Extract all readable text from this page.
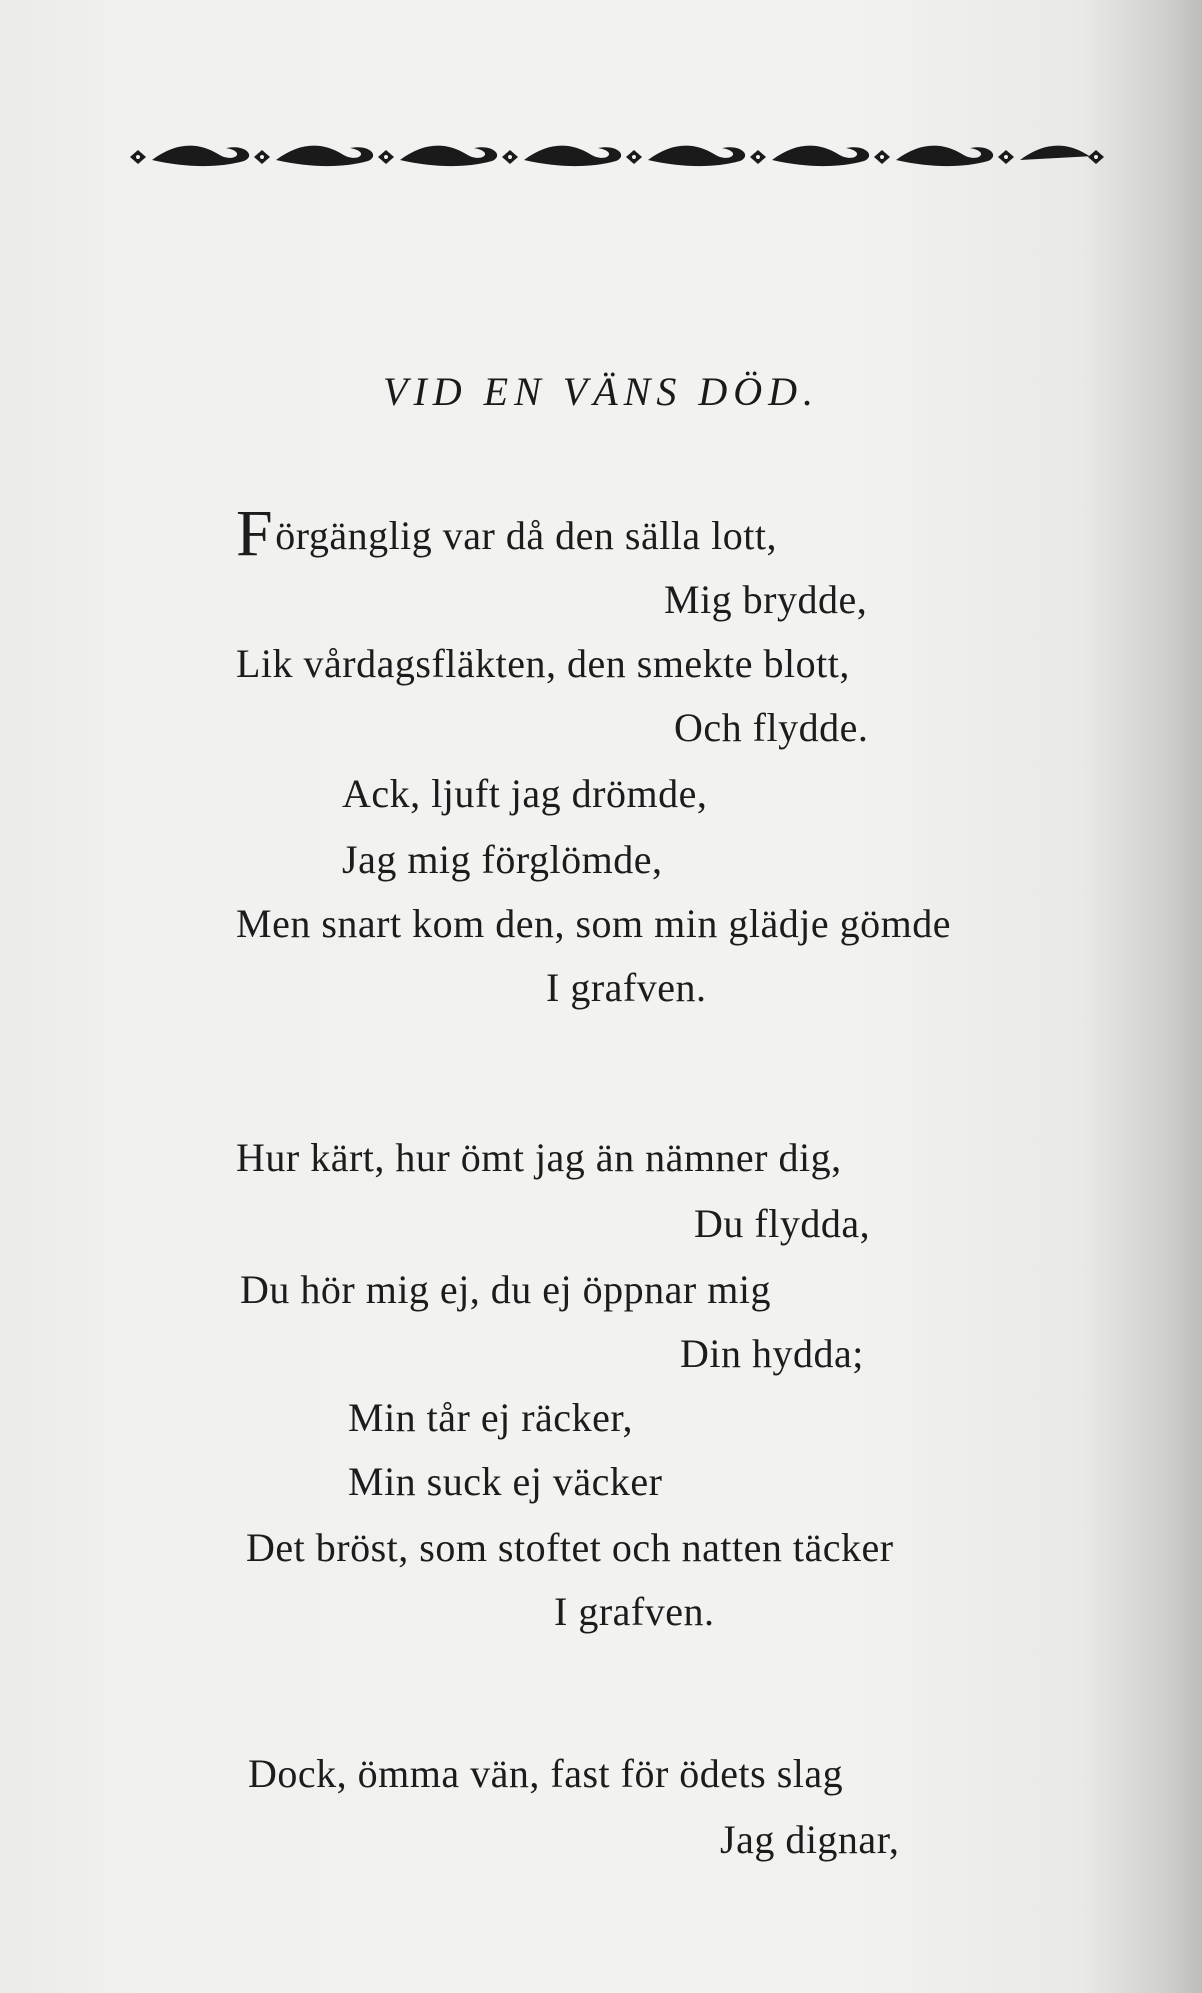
VID EN VÄNS DÖD.
Förgänglig var då den sälla lott,
Mig brydde,
Lik vårdagsfläkten, den smekte blott,
Och flydde.
Ack, ljuft jag drömde,
Jag mig förglömde,
Men snart kom den, som min glädje gömde
I grafven.
Hur kärt, hur ömt jag än nämner dig,
Du flydda,
Du hör mig ej, du ej öppnar mig
Din hydda;
Min tår ej räcker,
Min suck ej väcker
Det bröst, som stoftet och natten täcker
I grafven.
Dock, ömma vän, fast för ödets slag
Jag dignar,
